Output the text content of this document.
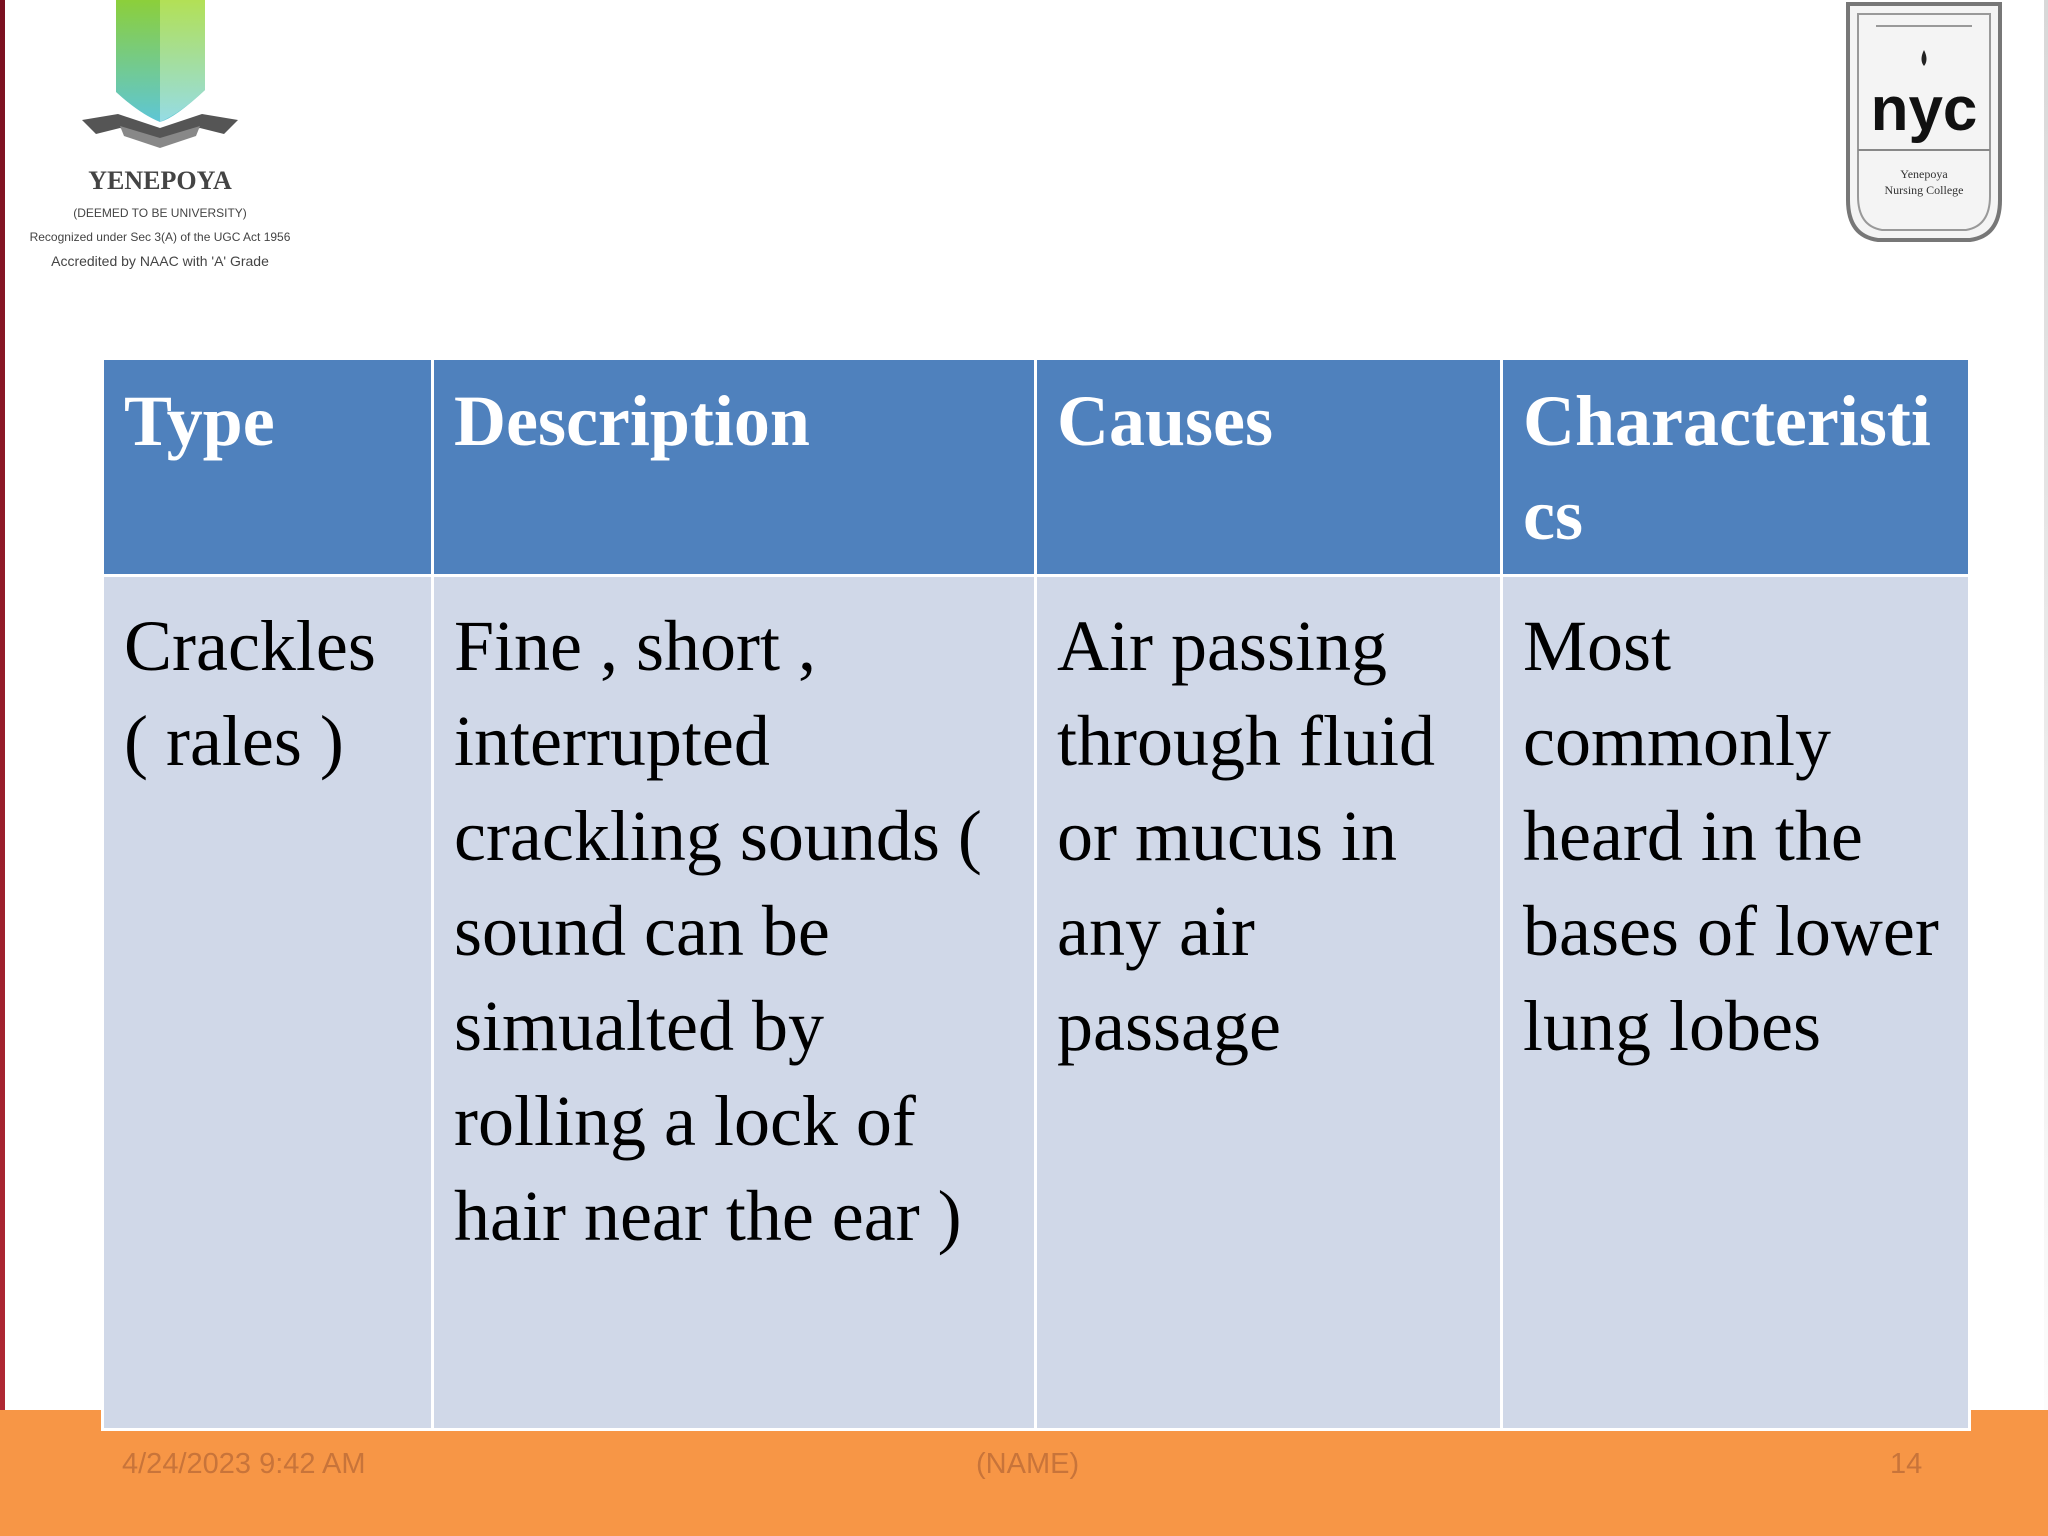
YENEPOYA
(DEEMED TO BE UNIVERSITY)
Recognized under Sec 3(A) of the UGC Act 1956
Accredited by NAAC with 'A' Grade
nyc
Yenepoya
Nursing College
Type	Description	Causes	Characteristics
Crackles ( rales )	Fine , short , interrupted crackling sounds ( sound can be simualted by rolling a lock of hair near the ear )	Air passing through fluid or mucus in any air passage	Most commonly heard in the bases of lower lung lobes
4/24/2023 9:42 AM	(NAME)	14
